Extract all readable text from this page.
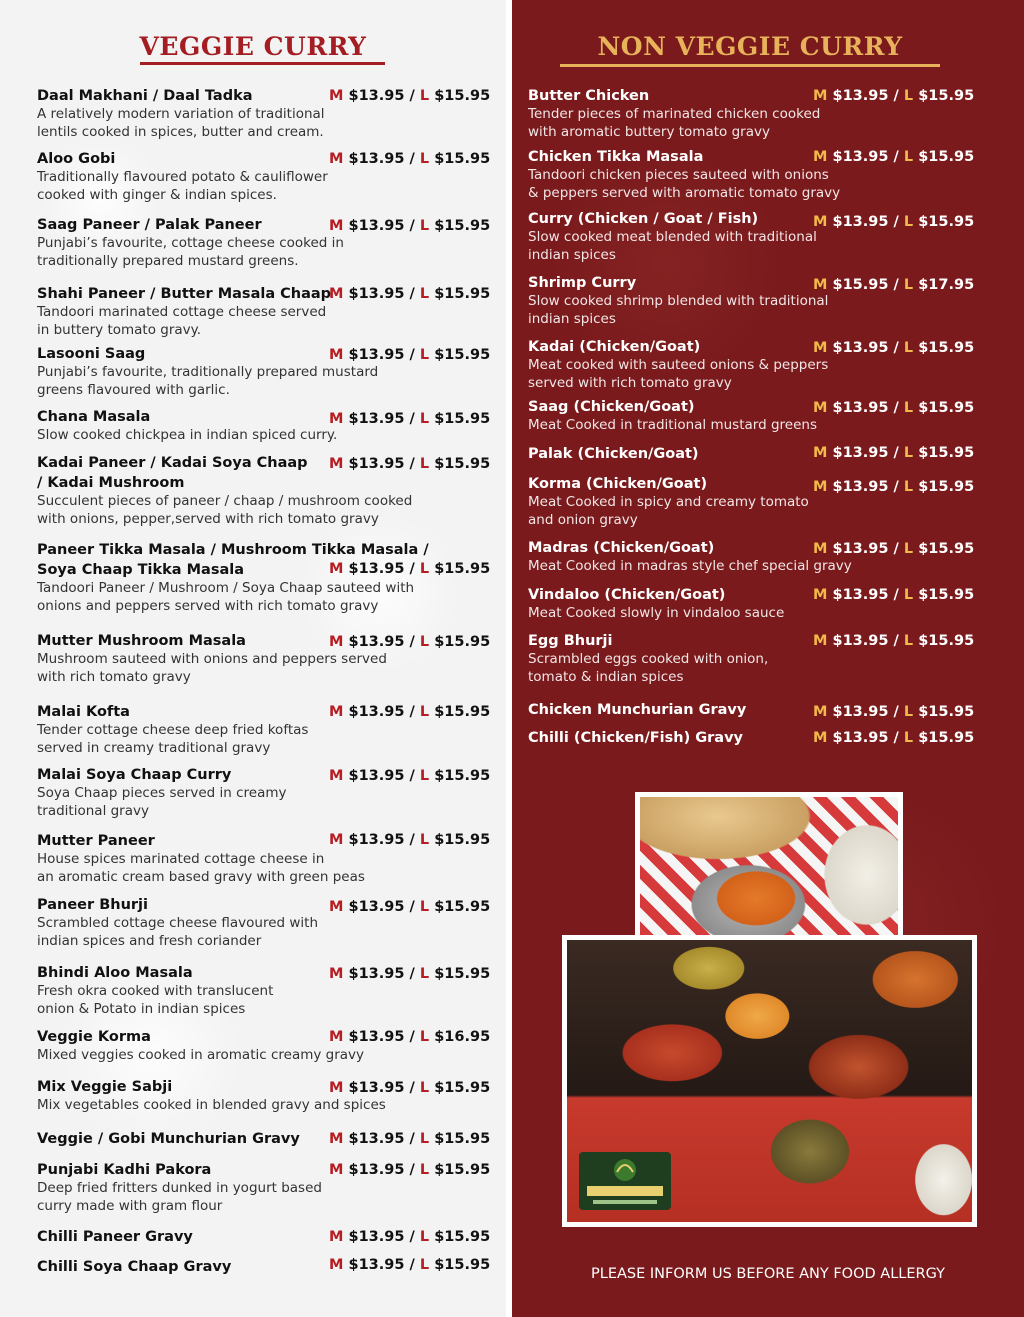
VEGGIE CURRY
Daal Makhani / Daal Tadka
A relatively modern variation of traditional
lentils cooked in spices, butter and cream.
M $13.95 / L $15.95
Aloo Gobi
Traditionally flavoured potato & cauliflower
cooked with ginger & indian spices.
M $13.95 / L $15.95
Saag Paneer / Palak Paneer
Punjabi’s favourite, cottage cheese cooked in
traditionally prepared mustard greens.
M $13.95 / L $15.95
Shahi Paneer / Butter Masala Chaap
Tandoori marinated cottage cheese served
in buttery tomato gravy.
M $13.95 / L $15.95
Lasooni Saag
Punjabi’s favourite, traditionally prepared mustard
greens flavoured with garlic.
M $13.95 / L $15.95
Chana Masala
Slow cooked chickpea in indian spiced curry.
M $13.95 / L $15.95
Kadai Paneer / Kadai Soya Chaap
/ Kadai Mushroom
Succulent pieces of paneer / chaap / mushroom cooked
with onions, pepper,served with rich tomato gravy
M $13.95 / L $15.95
Paneer Tikka Masala / Mushroom Tikka Masala /
Soya Chaap Tikka Masala
Tandoori Paneer / Mushroom / Soya Chaap sauteed with
onions and peppers served with rich tomato gravy
M $13.95 / L $15.95
Mutter Mushroom Masala
Mushroom sauteed with onions and peppers served
with rich tomato gravy
M $13.95 / L $15.95
Malai Kofta
Tender cottage cheese deep fried koftas
served in creamy traditional gravy
M $13.95 / L $15.95
Malai Soya Chaap Curry
Soya Chaap pieces served in creamy
traditional gravy
M $13.95 / L $15.95
Mutter Paneer
House spices marinated cottage cheese in
an aromatic cream based gravy with green peas
M $13.95 / L $15.95
Paneer Bhurji
Scrambled cottage cheese flavoured with
indian spices and fresh coriander
M $13.95 / L $15.95
Bhindi Aloo Masala
Fresh okra cooked with translucent
onion & Potato in indian spices
M $13.95 / L $15.95
Veggie Korma
Mixed veggies cooked in aromatic creamy gravy
M $13.95 / L $16.95
Mix Veggie Sabji
Mix vegetables cooked in blended gravy and spices
M $13.95 / L $15.95
Veggie / Gobi Munchurian Gravy M $13.95 / L $15.95
Punjabi Kadhi Pakora
Deep fried fritters dunked in yogurt based
curry made with gram flour
M $13.95 / L $15.95
Chilli Paneer Gravy	M $13.95 / L $15.95
Chilli Soya Chaap Gravy	M $13.95 / L $15.95
Butter Chicken
Tender pieces of marinated chicken cooked
with aromatic buttery tomato gravy
Chicken Tikka Masala
Tandoori chicken pieces sauteed with onions
& peppers served with aromatic tomato gravy
Curry (Chicken / Goat / Fish)
Slow cooked meat blended with traditional
indian spices
Shrimp Curry
Slow cooked shrimp blended with traditional
indian spices
Kadai (Chicken/Goat)
Meat cooked with sauteed onions & peppers
served with rich tomato gravy
Saag (Chicken/Goat)
Meat Cooked in traditional mustard greens
Palak (Chicken/Goat)
Korma (Chicken/Goat)
Meat Cooked in spicy and creamy tomato
and onion gravy
Madras (Chicken/Goat)
Meat Cooked in madras style chef special gravy
Vindaloo (Chicken/Goat)
Meat Cooked slowly in vindaloo sauce
Egg Bhurji
Scrambled eggs cooked with onion,
tomato & indian spices
Chicken Munchurian Gravy
Chilli (Chicken/Fish) Gravy
M $13.95 / L $15.95
M $13.95 / L $15.95
M $13.95 / L $15.95
M $15.95 / L $17.95
M $13.95 / L $15.95
M $13.95 / L $15.95
M $13.95 / L $15.95
M $13.95 / L $15.95
M $13.95 / L $15.95
M $13.95 / L $15.95
M $13.95 / L $15.95
M $13.95 / L $15.95
M $13.95 / L $15.95
NON VEGGIE CURRY
PLEASE INFORM US BEFORE ANY FOOD ALLERGY
